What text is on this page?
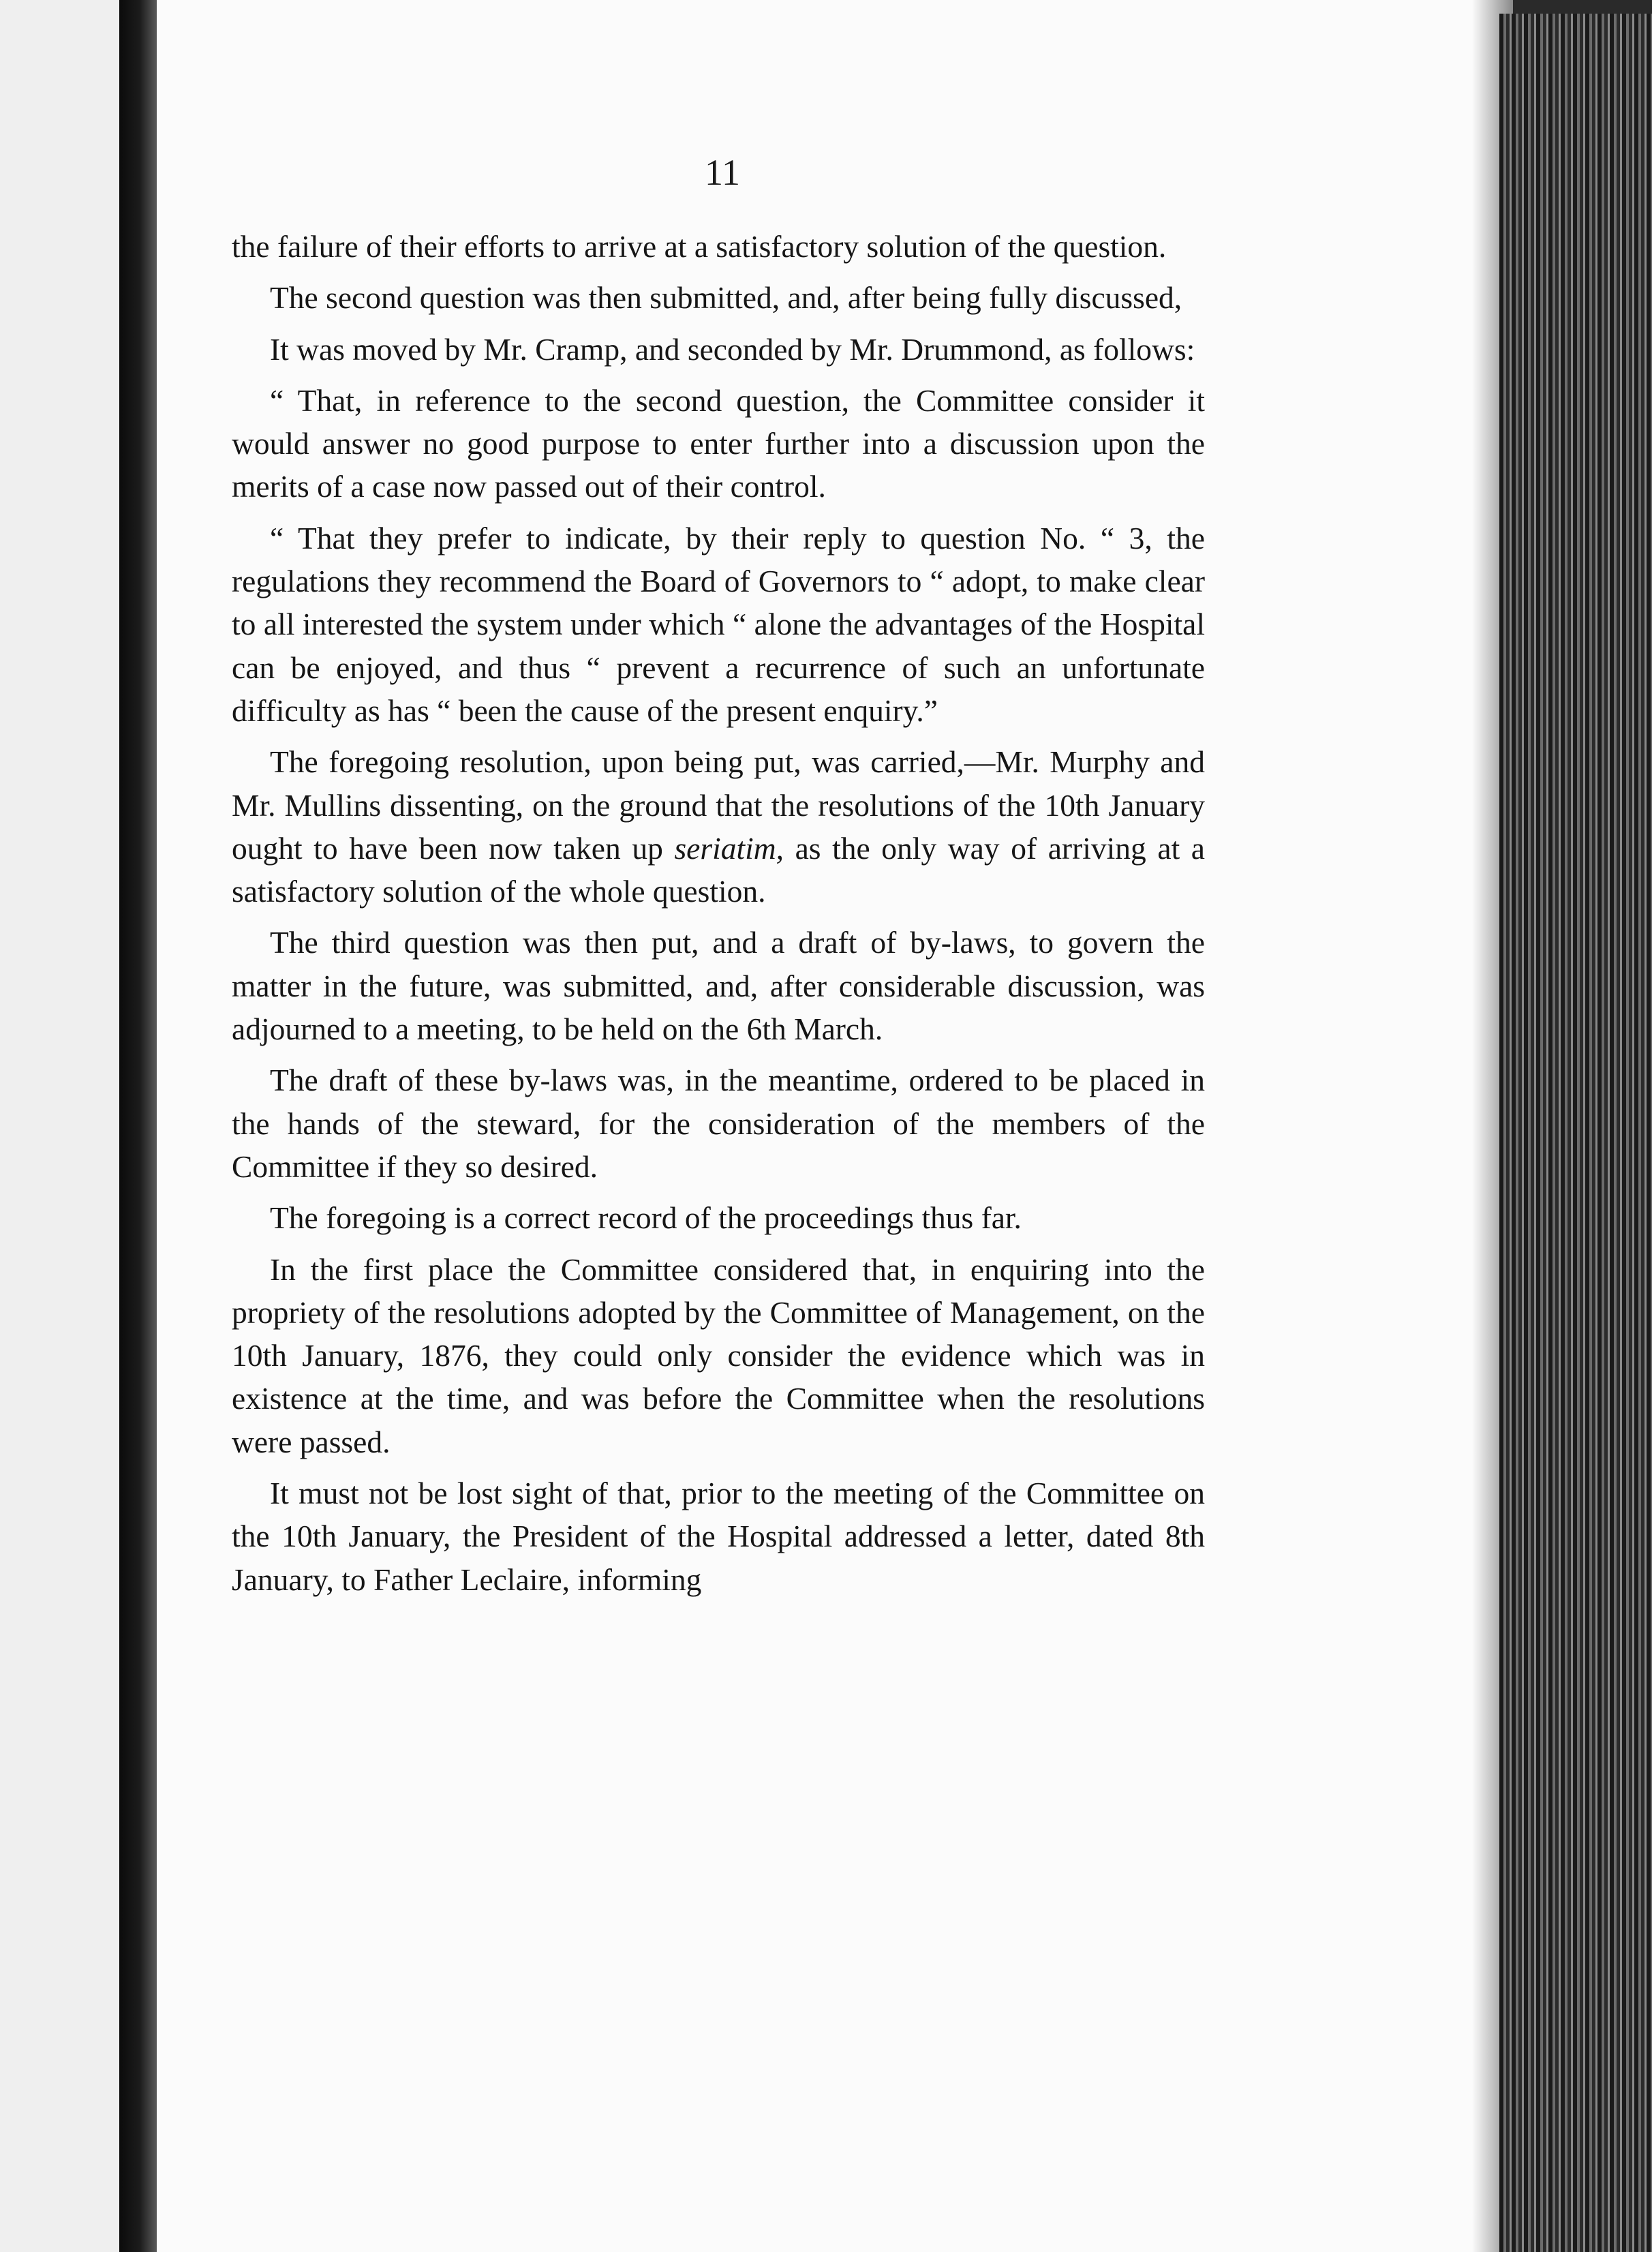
11

the failure of their efforts to arrive at a satisfactory solution of the question.

The second question was then submitted, and, after being fully discussed,

It was moved by Mr. Cramp, and seconded by Mr. Drummond, as follows:

“ That, in reference to the second question, the Committee consider it would answer no good purpose to enter further into a discussion upon the merits of a case now passed out of their control.

“ That they prefer to indicate, by their reply to question No. “ 3, the regulations they recommend the Board of Governors to “ adopt, to make clear to all interested the system under which “ alone the advantages of the Hospital can be enjoyed, and thus “ prevent a recurrence of such an unfortunate difficulty as has “ been the cause of the present enquiry.”

The foregoing resolution, upon being put, was carried,—Mr. Murphy and Mr. Mullins dissenting, on the ground that the resolutions of the 10th January ought to have been now taken up seriatim, as the only way of arriving at a satisfactory solution of the whole question.

The third question was then put, and a draft of by-laws, to govern the matter in the future, was submitted, and, after considerable discussion, was adjourned to a meeting, to be held on the 6th March.

The draft of these by-laws was, in the meantime, ordered to be placed in the hands of the steward, for the consideration of the members of the Committee if they so desired.

The foregoing is a correct record of the proceedings thus far.

In the first place the Committee considered that, in enquiring into the propriety of the resolutions adopted by the Committee of Management, on the 10th January, 1876, they could only consider the evidence which was in existence at the time, and was before the Committee when the resolutions were passed.

It must not be lost sight of that, prior to the meeting of the Committee on the 10th January, the President of the Hospital addressed a letter, dated 8th January, to Father Leclaire, informing
